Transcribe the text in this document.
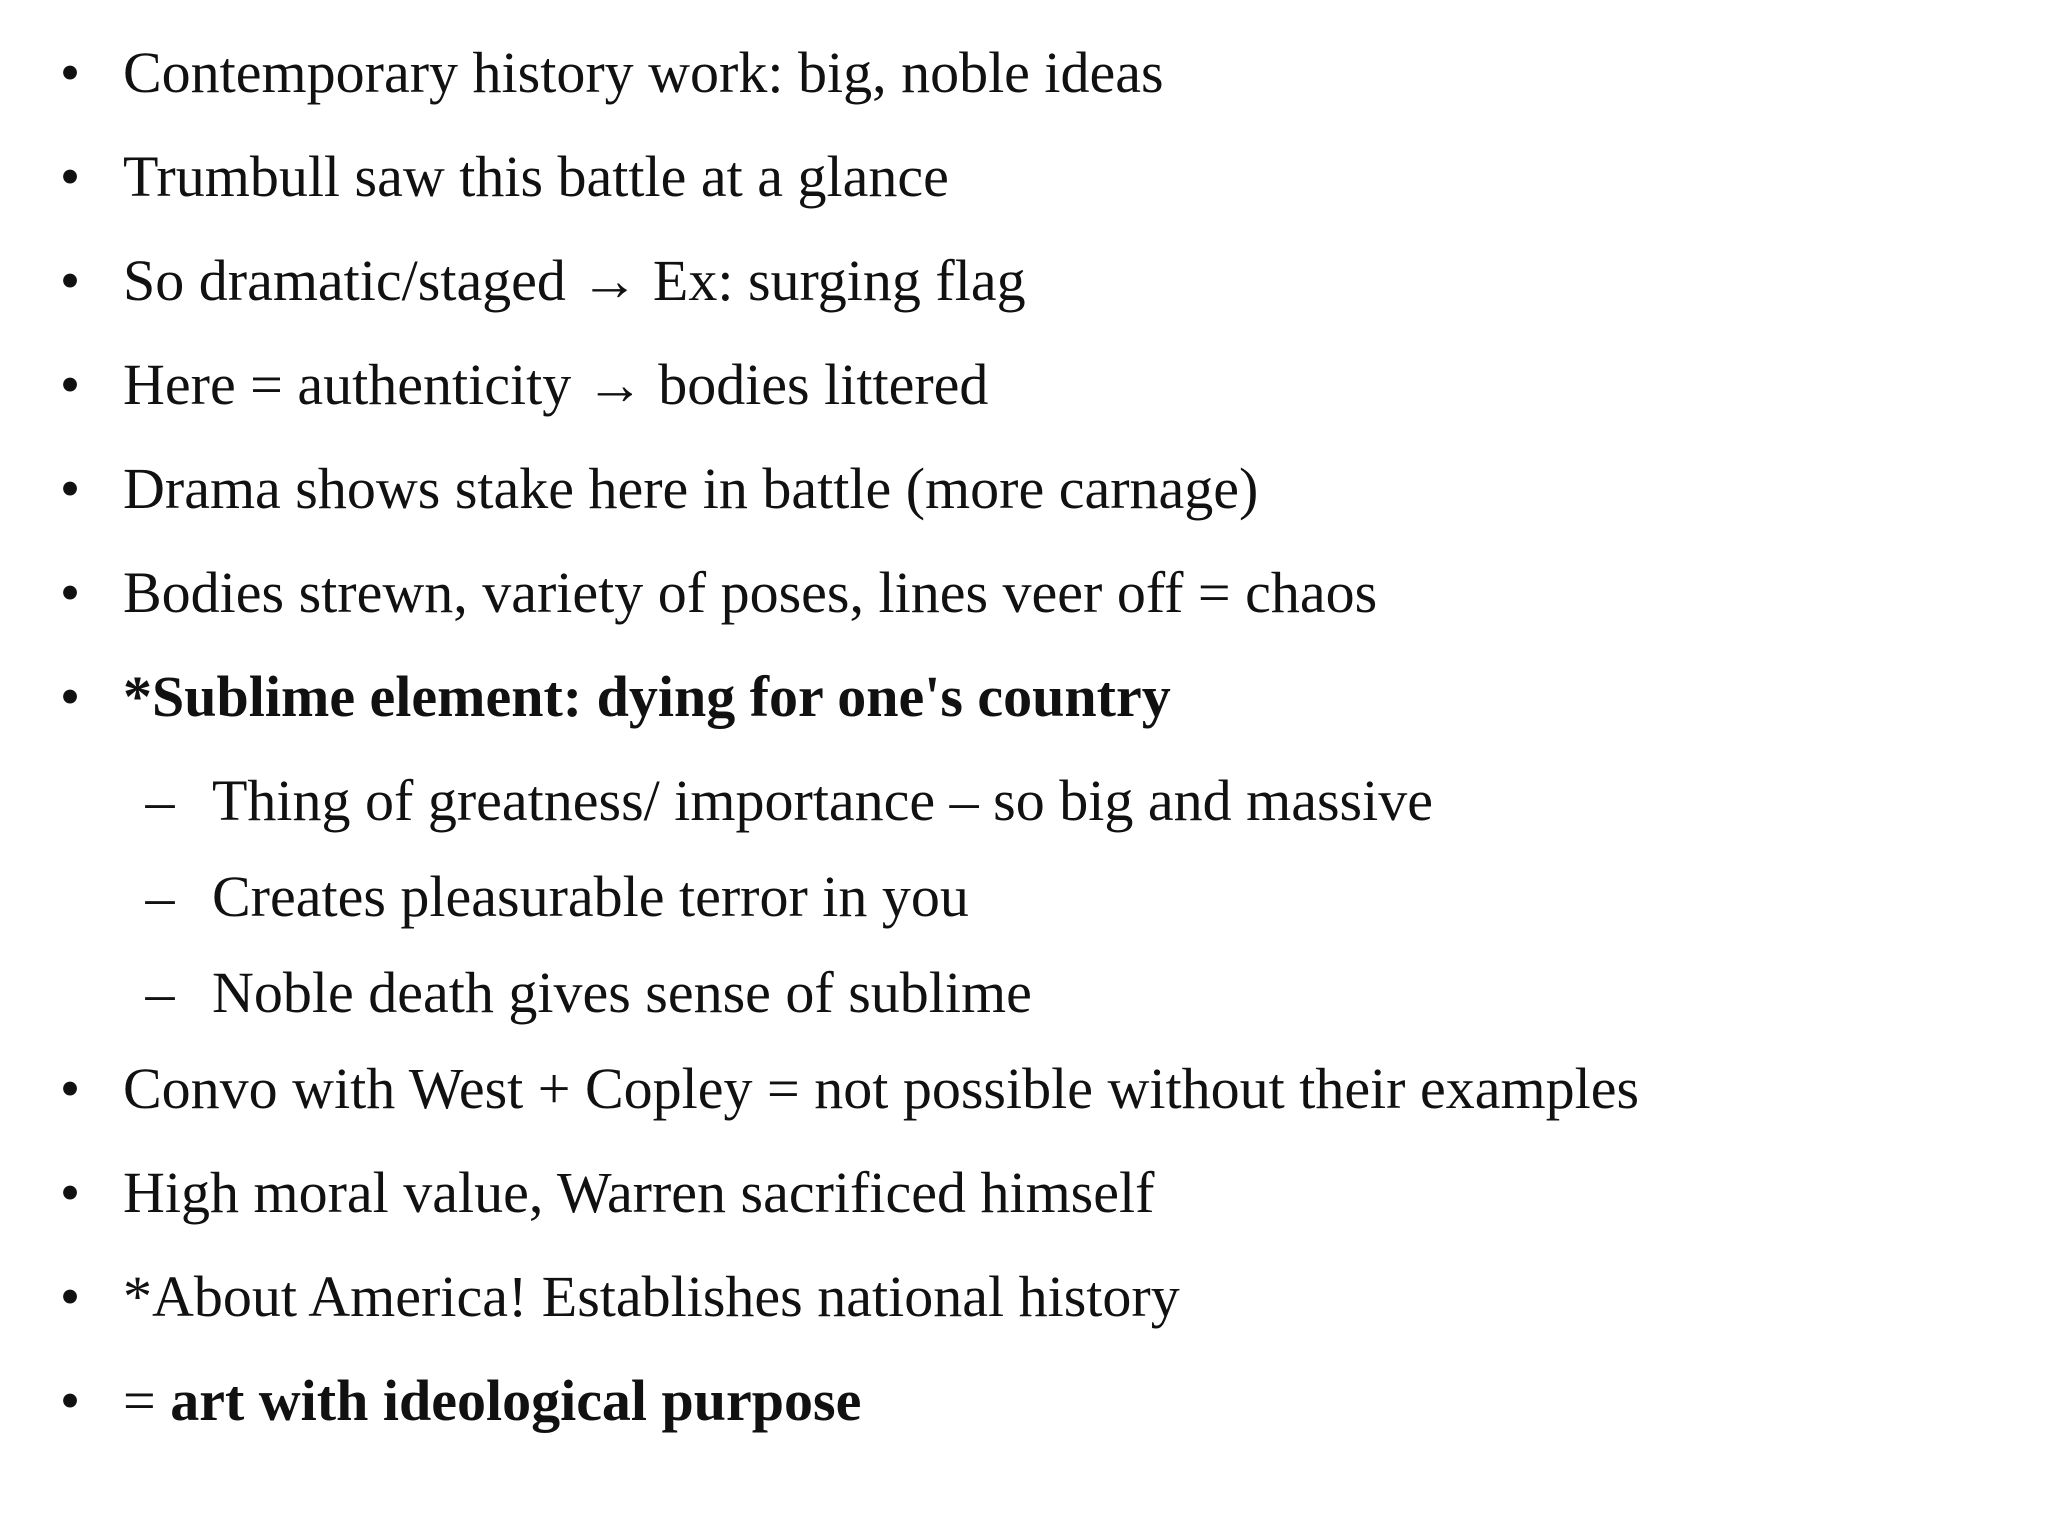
• Contemporary history work: big, noble ideas
• Trumbull saw this battle at a glance
• So dramatic/staged → Ex: surging flag
• Here = authenticity → bodies littered
• Drama shows stake here in battle (more carnage)
• Bodies strewn, variety of poses, lines veer off = chaos
• *Sublime element: dying for one's country
– Thing of greatness/ importance – so big and massive
– Creates pleasurable terror in you
– Noble death gives sense of sublime
• Convo with West + Copley = not possible without their examples
• High moral value, Warren sacrificed himself
• *About America! Establishes national history
• = art with ideological purpose
